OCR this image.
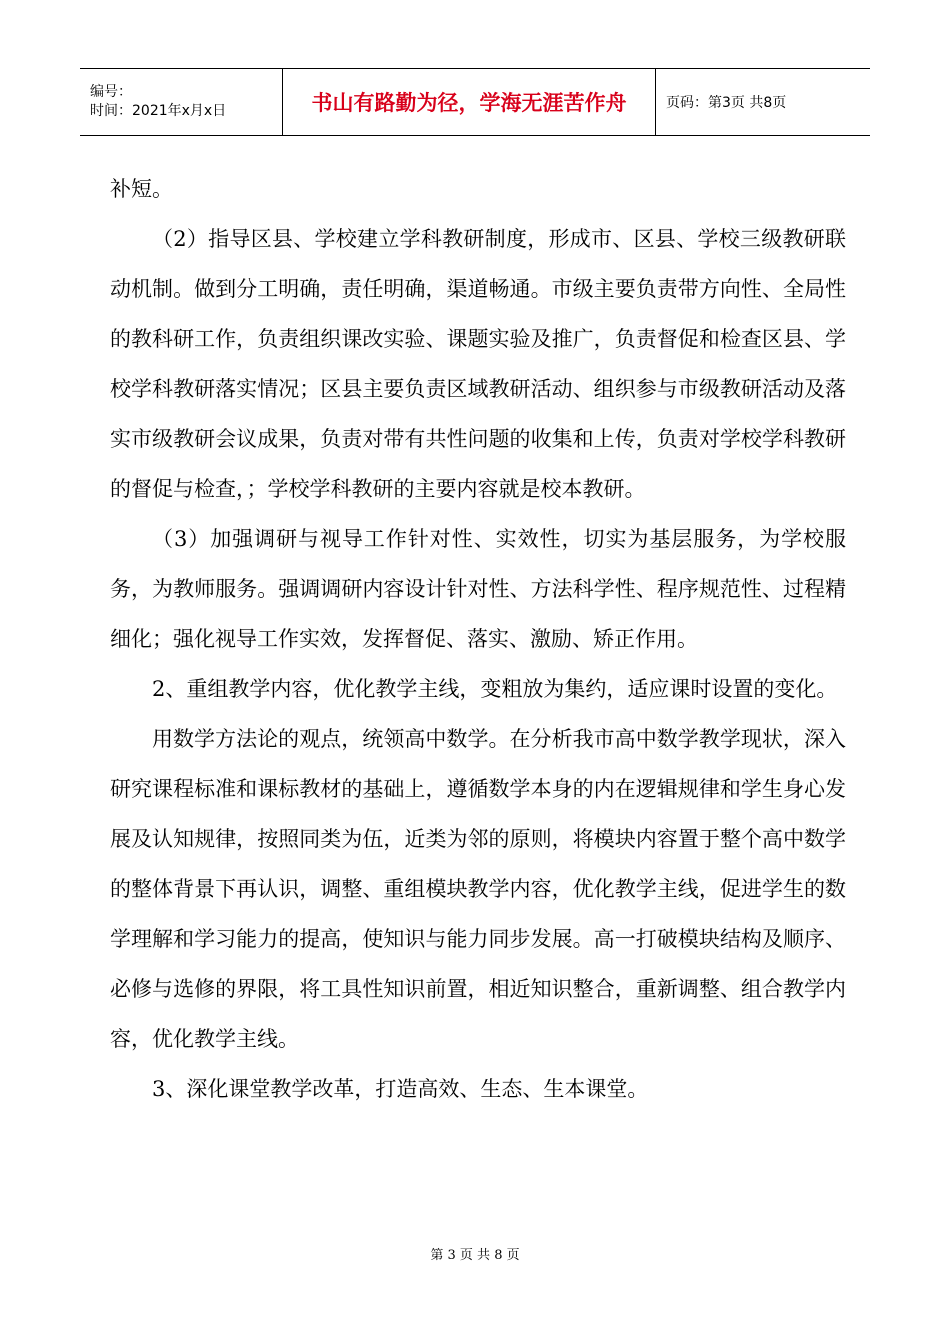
编号：
时间：2021年x月x日	书山有路勤为径，学海无涯苦作舟	页码：第3页 共8页

补短。

（2）指导区县、学校建立学科教研制度，形成市、区县、学校三级教研联动机制。做到分工明确，责任明确，渠道畅通。市级主要负责带方向性、全局性的教科研工作，负责组织课改实验、课题实验及推广，负责督促和检查区县、学校学科教研落实情况；区县主要负责区域教研活动、组织参与市级教研活动及落实市级教研会议成果，负责对带有共性问题的收集和上传，负责对学校学科教研的督促与检查，；学校学科教研的主要内容就是校本教研。

（3）加强调研与视导工作针对性、实效性，切实为基层服务，为学校服务，为教师服务。强调调研内容设计针对性、方法科学性、程序规范性、过程精细化；强化视导工作实效，发挥督促、落实、激励、矫正作用。

2、重组教学内容，优化教学主线，变粗放为集约，适应课时设置的变化。

用数学方法论的观点，统领高中数学。在分析我市高中数学教学现状，深入研究课程标准和课标教材的基础上，遵循数学本身的内在逻辑规律和学生身心发展及认知规律，按照同类为伍，近类为邻的原则，将模块内容置于整个高中数学的整体背景下再认识，调整、重组模块教学内容，优化教学主线，促进学生的数学理解和学习能力的提高，使知识与能力同步发展。高一打破模块结构及顺序、必修与选修的界限，将工具性知识前置，相近知识整合，重新调整、组合教学内容，优化教学主线。

3、深化课堂教学改革，打造高效、生态、生本课堂。

第 3 页 共 8 页
